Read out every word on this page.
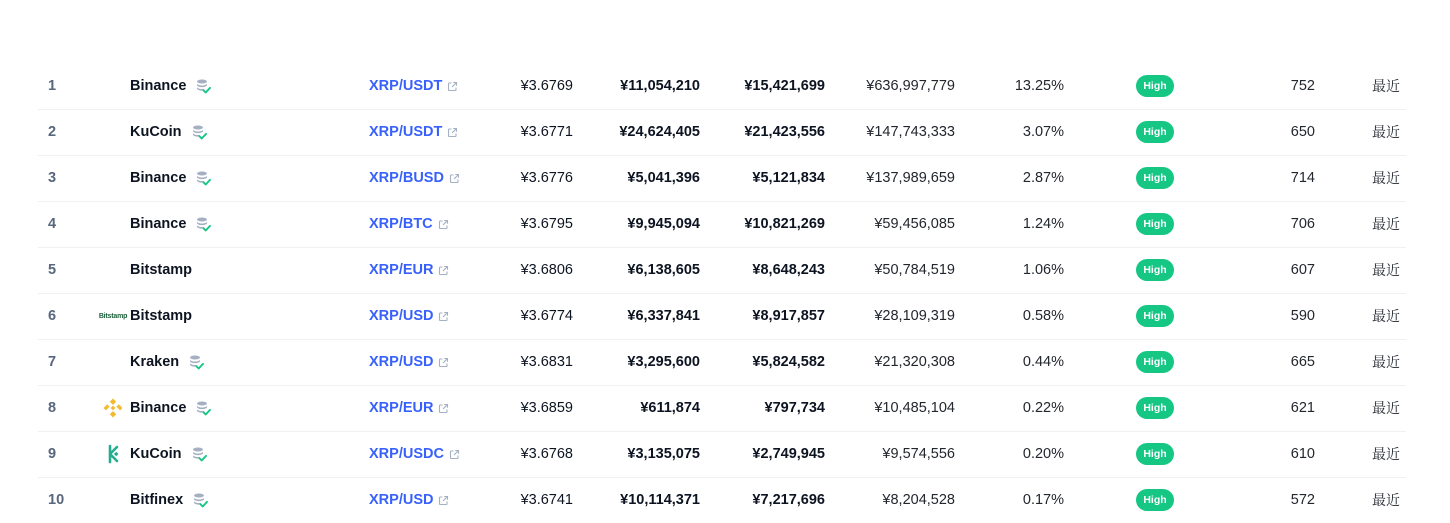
1	Binance	XRP/USDT	¥3.6769	¥11,054,210	¥15,421,699	¥636,997,779	13.25%	High	752	最近
2	KuCoin	XRP/USDT	¥3.6771	¥24,624,405	¥21,423,556	¥147,743,333	3.07%	High	650	最近
3	Binance	XRP/BUSD	¥3.6776	¥5,041,396	¥5,121,834	¥137,989,659	2.87%	High	714	最近
4	Binance	XRP/BTC	¥3.6795	¥9,945,094	¥10,821,269	¥59,456,085	1.24%	High	706	最近
5	Bitstamp	XRP/EUR	¥3.6806	¥6,138,605	¥8,648,243	¥50,784,519	1.06%	High	607	最近
6	Bitstamp Bitstamp	XRP/USD	¥3.6774	¥6,337,841	¥8,917,857	¥28,109,319	0.58%	High	590	最近
7	Kraken	XRP/USD	¥3.6831	¥3,295,600	¥5,824,582	¥21,320,308	0.44%	High	665	最近
8	Binance	XRP/EUR	¥3.6859	¥611,874	¥797,734	¥10,485,104	0.22%	High	621	最近
9	KuCoin	XRP/USDC	¥3.6768	¥3,135,075	¥2,749,945	¥9,574,556	0.20%	High	610	最近
10	Bitfinex	XRP/USD	¥3.6741	¥10,114,371	¥7,217,696	¥8,204,528	0.17%	High	572	最近
